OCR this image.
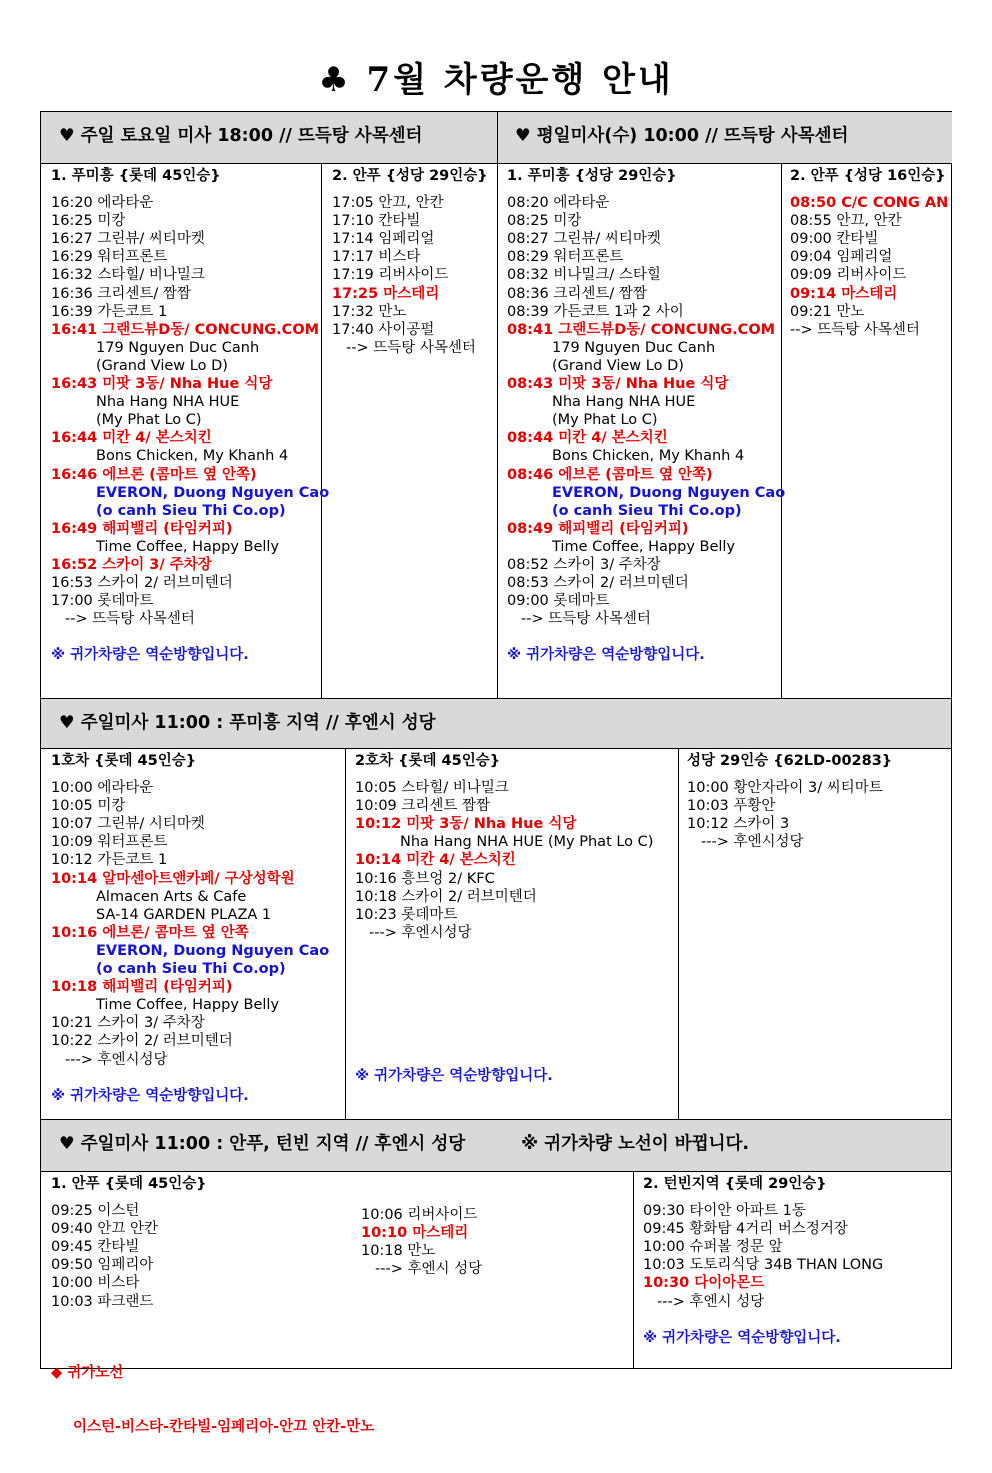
♣ 7월 차량운행 안내
♥ 주일 토요일 미사 18:00 // 뜨득탕 사목센터	♥ 평일미사(수) 10:00 // 뜨득탕 사목센터
1. 푸미흥 {롯데 45인승}
16:20 에라타운
16:25 미캉
16:27 그린뷰/ 씨티마켓
16:29 워터프론트
16:32 스타힐/ 비나밀크
16:36 크리센트/ 짬짬
16:39 가든코트 1
16:41 그랜드뷰D동/ CONCUNG.COM
179 Nguyen Duc Canh
(Grand View Lo D)
16:43 미팟 3동/ Nha Hue 식당
Nha Hang NHA HUE
(My Phat Lo C)
16:44 미칸 4/ 본스치킨
Bons Chicken, My Khanh 4
16:46 에브론 (콤마트 옆 안쪽)
EVERON, Duong Nguyen Cao
(o canh Sieu Thi Co.op)
16:49 해피밸리 (타임커피)
Time Coffee, Happy Belly
16:52 스카이 3/ 주차장
16:53 스카이 2/ 러브미텐더
17:00 롯데마트
--> 뜨득탕 사목센터
※ 귀가차량은 역순방향입니다.
2. 안푸 {성당 29인승}
17:05 안끄, 안칸
17:10 칸타빌
17:14 임페리얼
17:17 비스타
17:19 리버사이드
17:25 마스테리
17:32 만노
17:40 사이공펄
--> 뜨득탕 사목센터
1. 푸미흥 {성당 29인승}
08:20 에라타운
08:25 미캉
08:27 그린뷰/ 씨티마켓
08:29 워터프론트
08:32 비나밀크/ 스타힐
08:36 크리센트/ 짬짬
08:39 가든코트 1과 2 사이
08:41 그랜드뷰D동/ CONCUNG.COM
179 Nguyen Duc Canh
(Grand View Lo D)
08:43 미팟 3동/ Nha Hue 식당
Nha Hang NHA HUE
(My Phat Lo C)
08:44 미칸 4/ 본스치킨
Bons Chicken, My Khanh 4
08:46 에브론 (콤마트 옆 안쪽)
EVERON, Duong Nguyen Cao
(o canh Sieu Thi Co.op)
08:49 해피밸리 (타임커피)
Time Coffee, Happy Belly
08:52 스카이 3/ 주차장
08:53 스카이 2/ 러브미텐더
09:00 롯데마트
--> 뜨득탕 사목센터
※ 귀가차량은 역순방향입니다.
2. 안푸 {성당 16인승}
08:50 C/C CONG AN
08:55 안끄, 안칸
09:00 칸타빌
09:04 임페리얼
09:09 리버사이드
09:14 마스테리
09:21 만노
--> 뜨득탕 사목센터
♥ 주일미사 11:00 : 푸미흥 지역 // 후엔시 성당
1호차 {롯데 45인승}
10:00 에라타운
10:05 미캉
10:07 그린뷰/ 시티마켓
10:09 워터프론트
10:12 가든코트 1
10:14 알마센아트앤카페/ 구상성학원
Almacen Arts & Cafe
SA-14 GARDEN PLAZA 1
10:16 에브론/ 콤마트 옆 안쪽
EVERON, Duong Nguyen Cao
(o canh Sieu Thi Co.op)
10:18 해피밸리 (타임커피)
Time Coffee, Happy Belly
10:21 스카이 3/ 주차장
10:22 스카이 2/ 러브미텐더
---> 후엔시성당
※ 귀가차량은 역순방향입니다.
2호차 {롯데 45인승}
10:05 스타힐/ 비나밀크
10:09 크리센트 짬짬
10:12 미팟 3동/ Nha Hue 식당
Nha Hang NHA HUE (My Phat Lo C)
10:14 미칸 4/ 본스치킨
10:16 흥브엉 2/ KFC
10:18 스카이 2/ 러브미텐더
10:23 롯데마트
---> 후엔시성당
※ 귀가차량은 역순방향입니다.
성당 29인승 {62LD-00283}
10:00 황안자라이 3/ 씨티마트
10:03 푸황안
10:12 스카이 3
---> 후엔시성당
♥ 주일미사 11:00 : 안푸, 턴빈 지역 // 후엔시 성당	※ 귀가차량 노선이 바뀝니다.
1. 안푸 {롯데 45인승}
09:25 이스턴
09:40 안끄 안칸
09:45 칸타빌
09:50 임페리아
10:00 비스타
10:03 파크랜드
10:06 리버사이드
10:10 마스테리
10:18 만노
---> 후엔시 성당

◆ 귀가노선

이스턴-비스타-칸타빌-임페리아-안끄 안칸-만노

2. 턴빈지역 {롯데 29인승}
09:30 타이안 아파트 1동
09:45 황화탐 4거리 버스정거장
10:00 슈퍼볼 정문 앞
10:03 도토리식당 34B THAN LONG
10:30 다이아몬드
---> 후엔시 성당
※ 귀가차량은 역순방향입니다.
